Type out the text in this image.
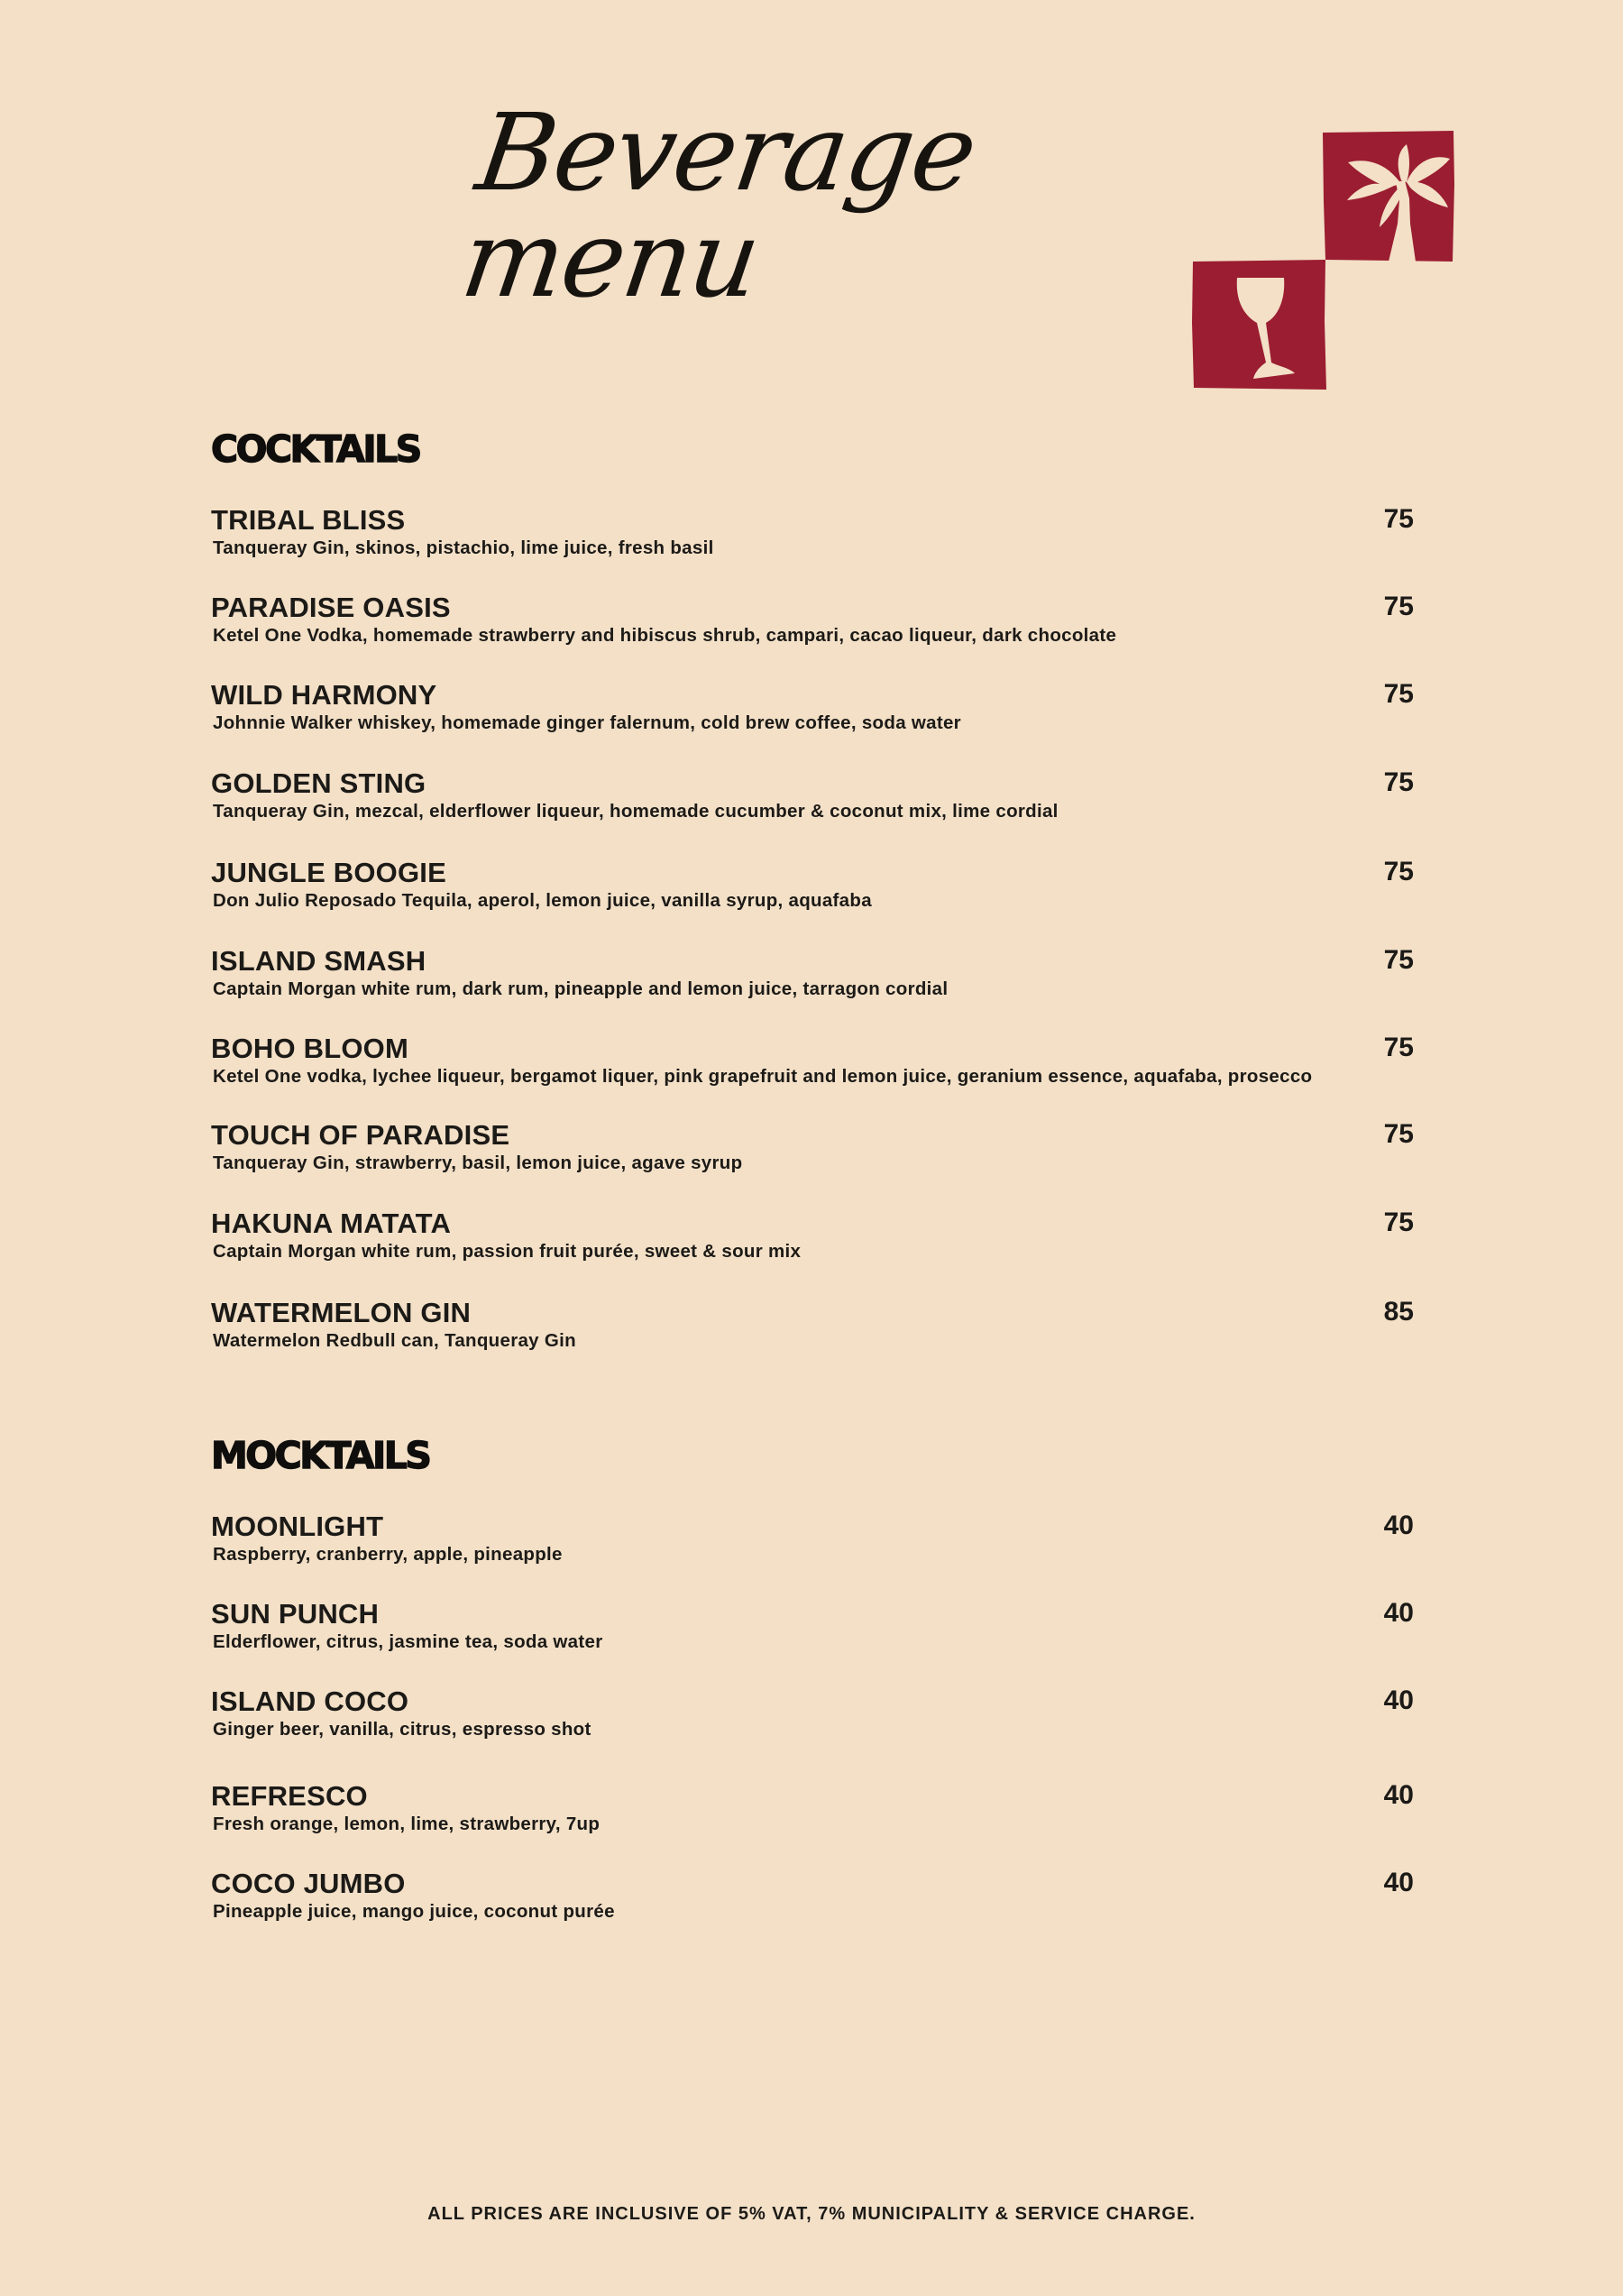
Beverage menu
COCKTAILS
TRIBAL BLISS
Tanqueray Gin, skinos, pistachio, lime juice, fresh basil
75
PARADISE OASIS
Ketel One Vodka, homemade strawberry and hibiscus shrub, campari, cacao liqueur, dark chocolate
75
WILD HARMONY
Johnnie Walker whiskey, homemade ginger falernum, cold brew coffee, soda water
75
GOLDEN STING
Tanqueray Gin, mezcal, elderflower liqueur, homemade cucumber & coconut mix, lime cordial
75
JUNGLE BOOGIE
Don Julio Reposado Tequila, aperol, lemon juice, vanilla syrup, aquafaba
75
ISLAND SMASH
Captain Morgan white rum, dark rum, pineapple and lemon juice, tarragon cordial
75
BOHO BLOOM
Ketel One vodka, lychee liqueur, bergamot liquer, pink grapefruit and lemon juice, geranium essence, aquafaba, prosecco
75
TOUCH OF PARADISE
Tanqueray Gin, strawberry, basil, lemon juice, agave syrup
75
HAKUNA MATATA
Captain Morgan white rum, passion fruit purée, sweet & sour mix
75
WATERMELON GIN
Watermelon Redbull can, Tanqueray Gin
85
MOCKTAILS
MOONLIGHT
Raspberry, cranberry, apple, pineapple
40
SUN PUNCH
Elderflower, citrus, jasmine tea, soda water
40
ISLAND COCO
Ginger beer, vanilla, citrus, espresso shot
40
REFRESCO
Fresh orange, lemon, lime, strawberry, 7up
40
COCO JUMBO
Pineapple juice, mango juice, coconut purée
40
ALL PRICES ARE INCLUSIVE OF 5% VAT, 7% MUNICIPALITY & SERVICE CHARGE.
